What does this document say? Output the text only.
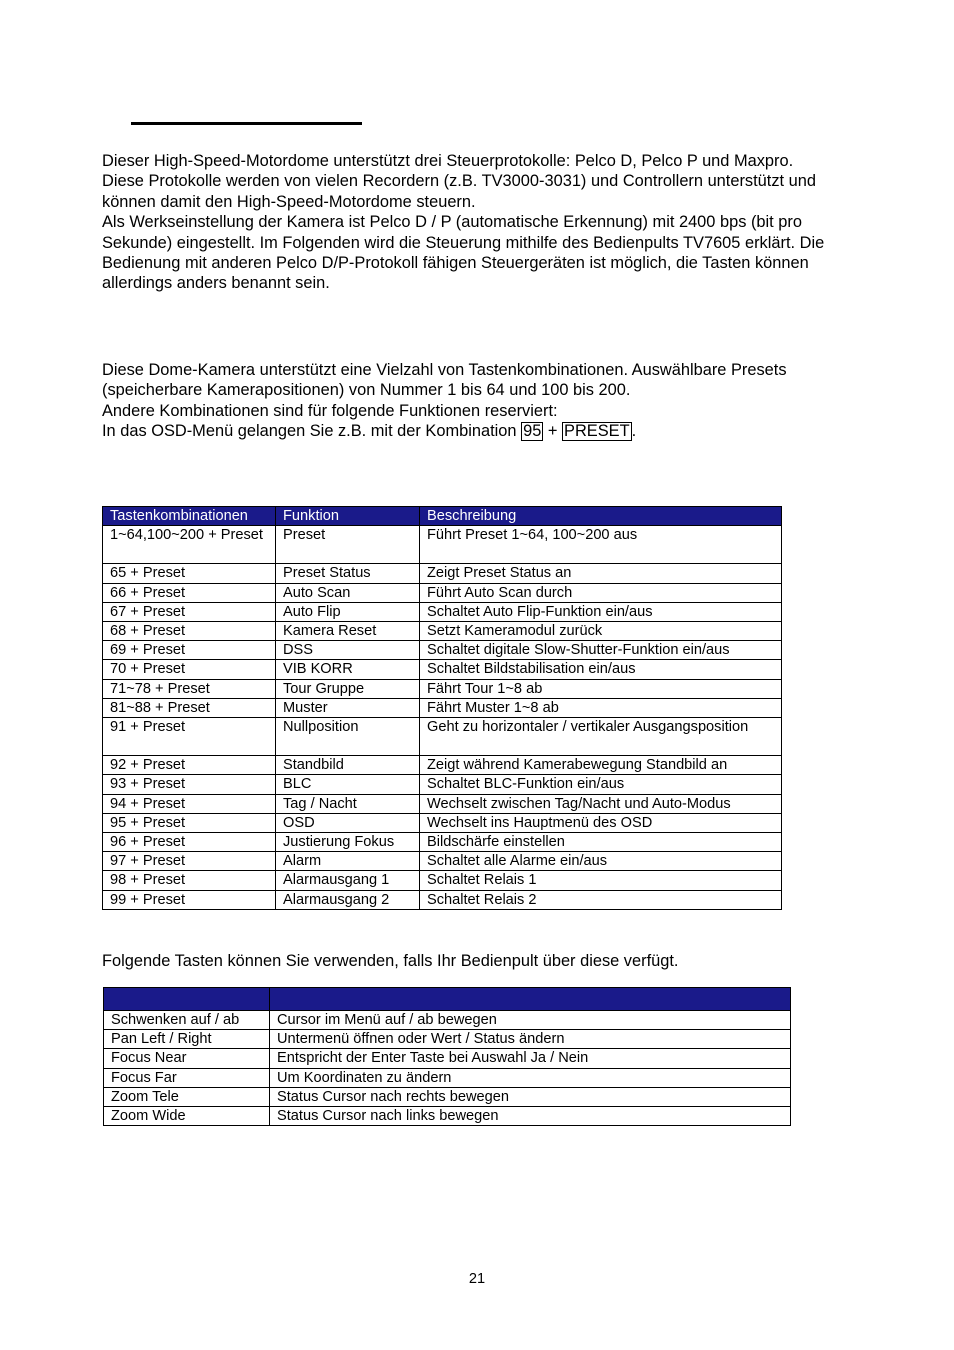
Dieser High-Speed-Motordome unterstützt drei Steuerprotokolle: Pelco D, Pelco P und Maxpro.
Diese Protokolle werden von vielen Recordern (z.B. TV3000-3031) und Controllern unterstützt und
können damit den High-Speed-Motordome steuern.
Als Werkseinstellung der Kamera ist Pelco D / P (automatische Erkennung) mit 2400 bps (bit pro
Sekunde) eingestellt. Im Folgenden wird die Steuerung mithilfe des Bedienpults TV7605 erklärt. Die
Bedienung mit anderen Pelco D/P-Protokoll fähigen Steuergeräten ist möglich, die Tasten können
allerdings anders benannt sein.

Diese Dome-Kamera unterstützt eine Vielzahl von Tastenkombinationen. Auswählbare Presets
(speicherbare Kamerapositionen) von Nummer 1 bis 64 und 100 bis 200.
Andere Kombinationen sind für folgende Funktionen reserviert:
In das OSD-Menü gelangen Sie z.B. mit der Kombination 95 + PRESET .

Tastenkombinationen	Funktion	Beschreibung
1~64,100~200 + Preset	Preset	Führt Preset 1~64, 100~200 aus
65 + Preset	Preset Status	Zeigt Preset Status an
66 + Preset	Auto Scan	Führt Auto Scan durch
67 + Preset	Auto Flip	Schaltet Auto Flip-Funktion ein/aus
68 + Preset	Kamera Reset	Setzt Kameramodul zurück
69 + Preset	DSS	Schaltet digitale Slow-Shutter-Funktion ein/aus
70 + Preset	VIB KORR	Schaltet Bildstabilisation ein/aus
71~78 + Preset	Tour Gruppe	Fährt Tour 1~8 ab
81~88 + Preset	Muster	Fährt Muster 1~8 ab
91 + Preset	Nullposition	Geht zu horizontaler / vertikaler Ausgangsposition
92 + Preset	Standbild	Zeigt während Kamerabewegung Standbild an
93 + Preset	BLC	Schaltet BLC-Funktion ein/aus
94 + Preset	Tag / Nacht	Wechselt zwischen Tag/Nacht und Auto-Modus
95 + Preset	OSD	Wechselt ins Hauptmenü des OSD
96 + Preset	Justierung Fokus	Bildschärfe einstellen
97 + Preset	Alarm	Schaltet alle Alarme ein/aus
98 + Preset	Alarmausgang 1	Schaltet Relais 1
99 + Preset	Alarmausgang 2	Schaltet Relais 2

Folgende Tasten können Sie verwenden, falls Ihr Bedienpult über diese verfügt.

Schwenken auf / ab	Cursor im Menü auf / ab bewegen
Pan Left / Right	Untermenü öffnen oder Wert / Status ändern
Focus Near	Entspricht der Enter Taste bei Auswahl Ja / Nein
Focus Far	Um Koordinaten zu ändern
Zoom Tele	Status Cursor nach rechts bewegen
Zoom Wide	Status Cursor nach links bewegen
21
